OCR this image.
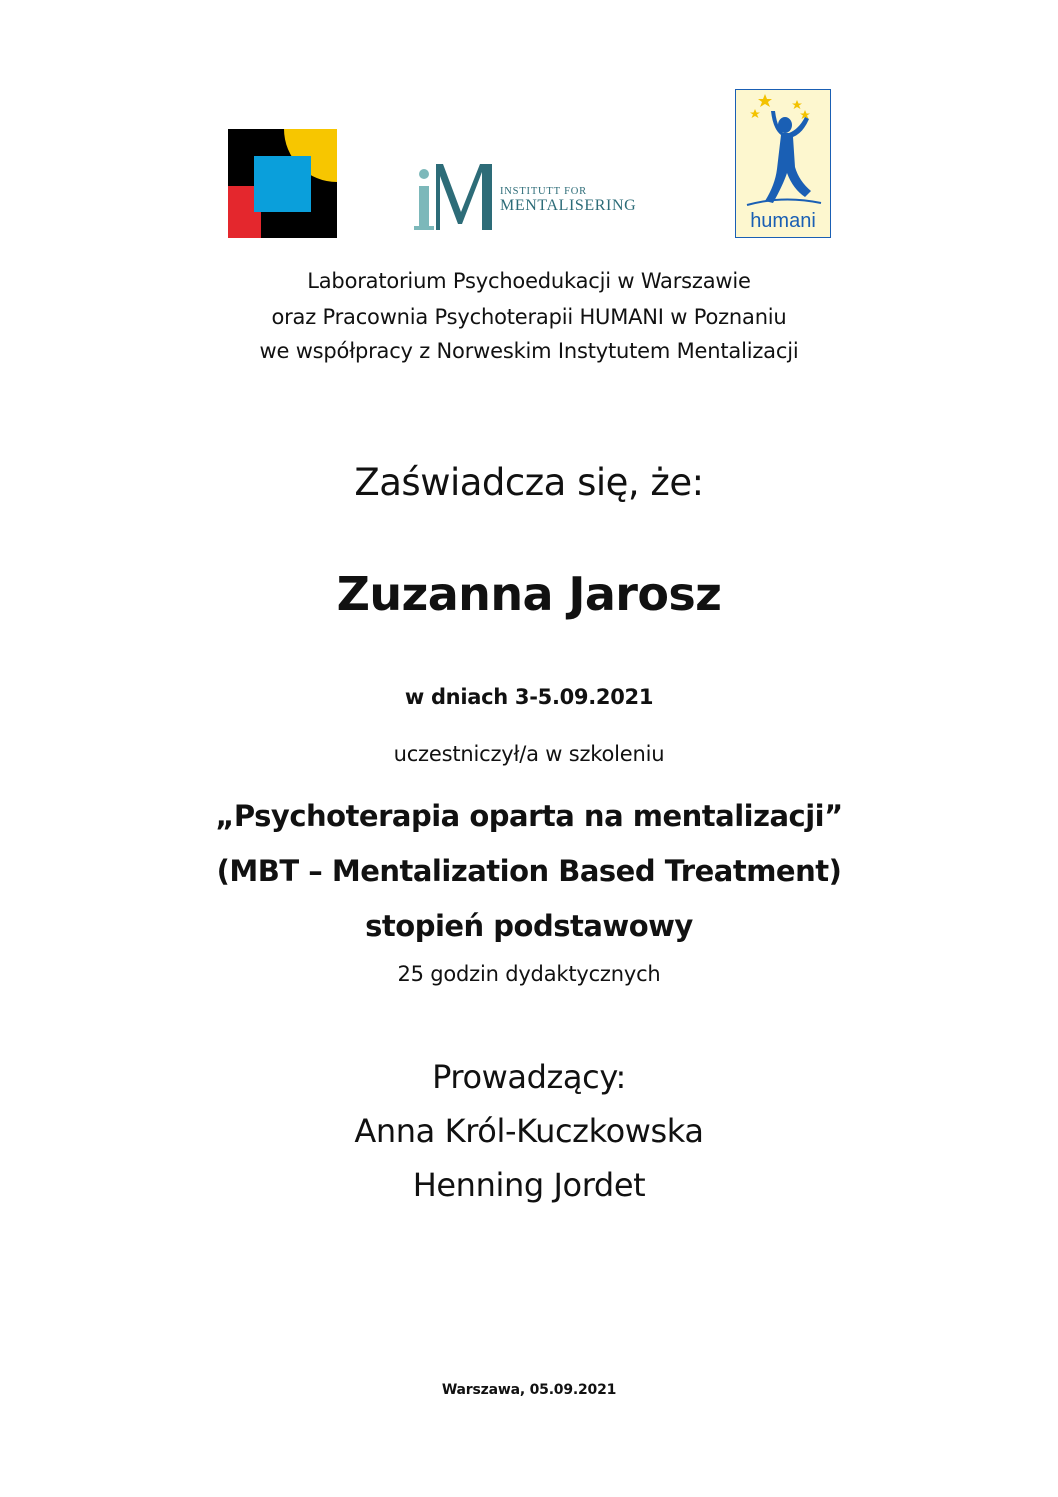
INSTITUTT FOR
MENTALISERING
humani
Laboratorium Psychoedukacji w Warszawie
oraz Pracownia Psychoterapii HUMANI w Poznaniu
we współpracy z Norweskim Instytutem Mentalizacji
Zaświadcza się, że:
Zuzanna Jarosz
w dniach 3-5.09.2021
uczestniczył/a w szkoleniu
„Psychoterapia oparta na mentalizacji”
(MBT – Mentalization Based Treatment)
stopień podstawowy
25 godzin dydaktycznych
Prowadzący:
Anna Król-Kuczkowska
Henning Jordet
Warszawa, 05.09.2021
